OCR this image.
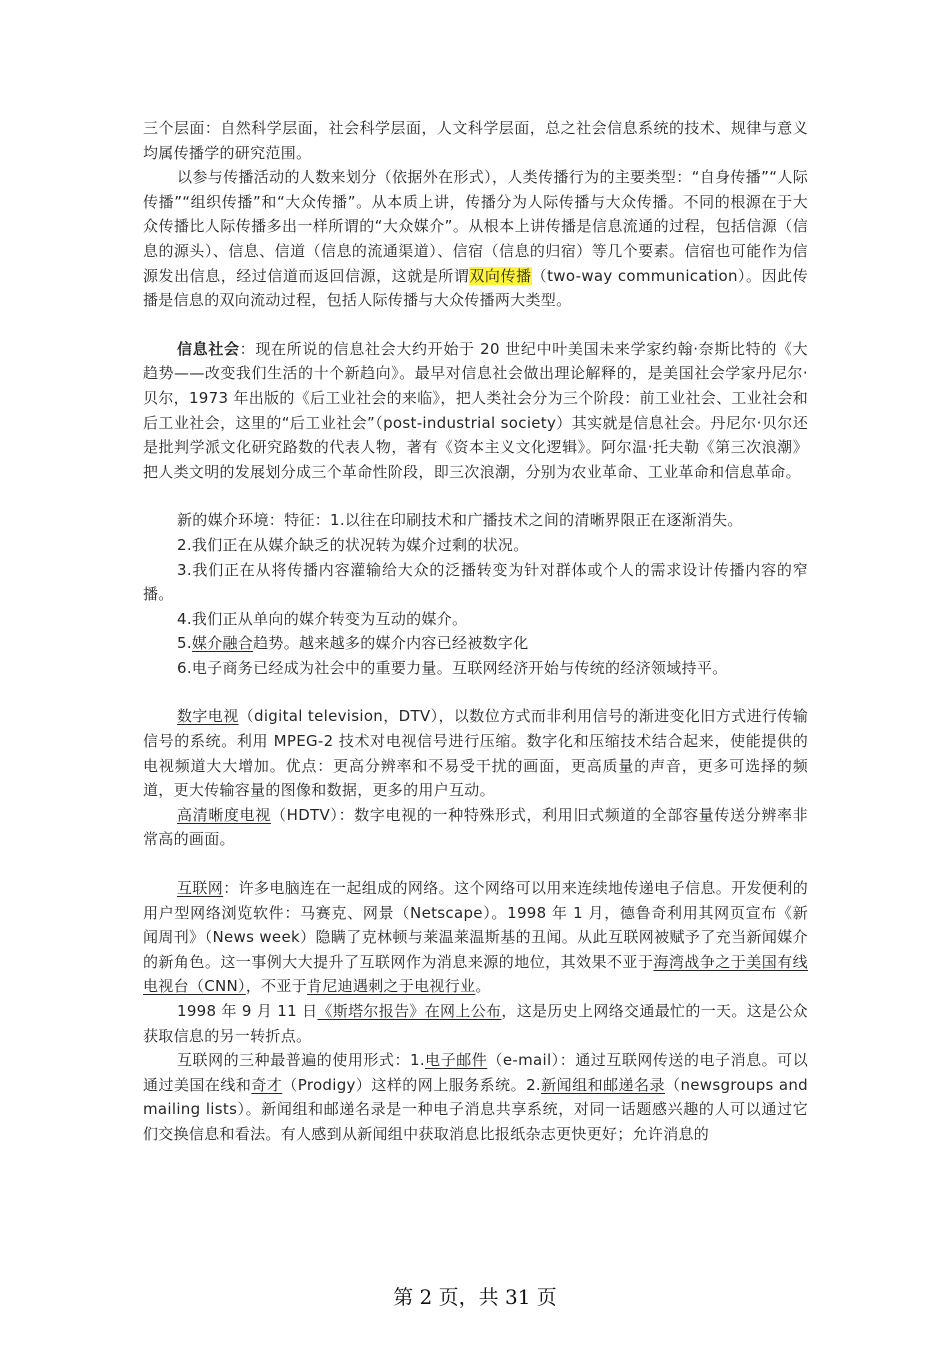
三个层面：自然科学层面，社会科学层面，人文科学层面，总之社会信息系统的技术、规律与意义均属传播学的研究范围。

以参与传播活动的人数来划分（依据外在形式），人类传播行为的主要类型：“自身传播”“人际传播”“组织传播”和“大众传播”。从本质上讲，传播分为人际传播与大众传播。不同的根源在于大众传播比人际传播多出一样所谓的“大众媒介”。从根本上讲传播是信息流通的过程，包括信源（信息的源头）、信息、信道（信息的流通渠道）、信宿（信息的归宿）等几个要素。信宿也可能作为信源发出信息，经过信道而返回信源，这就是所谓双向传播（two-way communication）。因此传播是信息的双向流动过程，包括人际传播与大众传播两大类型。

信息社会：现在所说的信息社会大约开始于 20 世纪中叶美国未来学家约翰·奈斯比特的《大趋势——改变我们生活的十个新趋向》。最早对信息社会做出理论解释的，是美国社会学家丹尼尔·贝尔，1973 年出版的《后工业社会的来临》，把人类社会分为三个阶段：前工业社会、工业社会和后工业社会，这里的“后工业社会”（post-industrial society）其实就是信息社会。丹尼尔·贝尔还是批判学派文化研究路数的代表人物，著有《资本主义文化逻辑》。阿尔温·托夫勒《第三次浪潮》把人类文明的发展划分成三个革命性阶段，即三次浪潮，分别为农业革命、工业革命和信息革命。

新的媒介环境：特征：1.以往在印刷技术和广播技术之间的清晰界限正在逐渐消失。

2.我们正在从媒介缺乏的状况转为媒介过剩的状况。

3.我们正在从将传播内容灌输给大众的泛播转变为针对群体或个人的需求设计传播内容的窄播。

4.我们正从单向的媒介转变为互动的媒介。

5.媒介融合趋势。越来越多的媒介内容已经被数字化

6.电子商务已经成为社会中的重要力量。互联网经济开始与传统的经济领域持平。

数字电视（digital television，DTV），以数位方式而非利用信号的渐进变化旧方式进行传输信号的系统。利用 MPEG-2 技术对电视信号进行压缩。数字化和压缩技术结合起来，使能提供的电视频道大大增加。优点：更高分辨率和不易受干扰的画面，更高质量的声音，更多可选择的频道，更大传输容量的图像和数据，更多的用户互动。

高清晰度电视（HDTV）：数字电视的一种特殊形式，利用旧式频道的全部容量传送分辨率非常高的画面。

互联网：许多电脑连在一起组成的网络。这个网络可以用来连续地传递电子信息。开发便利的用户型网络浏览软件：马赛克、网景（Netscape）。1998 年 1 月，德鲁奇利用其网页宣布《新闻周刊》（News week）隐瞒了克林顿与莱温莱温斯基的丑闻。从此互联网被赋予了充当新闻媒介的新角色。这一事例大大提升了互联网作为消息来源的地位，其效果不亚于海湾战争之于美国有线电视台（CNN），不亚于肯尼迪遇刺之于电视行业。

1998 年 9 月 11 日《斯塔尔报告》在网上公布，这是历史上网络交通最忙的一天。这是公众获取信息的另一转折点。

互联网的三种最普遍的使用形式：1.电子邮件（e-mail）：通过互联网传送的电子消息。可以通过美国在线和奇才（Prodigy）这样的网上服务系统。2.新闻组和邮递名录（newsgroups and mailing lists）。新闻组和邮递名录是一种电子消息共享系统，对同一话题感兴趣的人可以通过它们交换信息和看法。有人感到从新闻组中获取消息比报纸杂志更快更好；允许消息的

第 2 页，共 31 页
